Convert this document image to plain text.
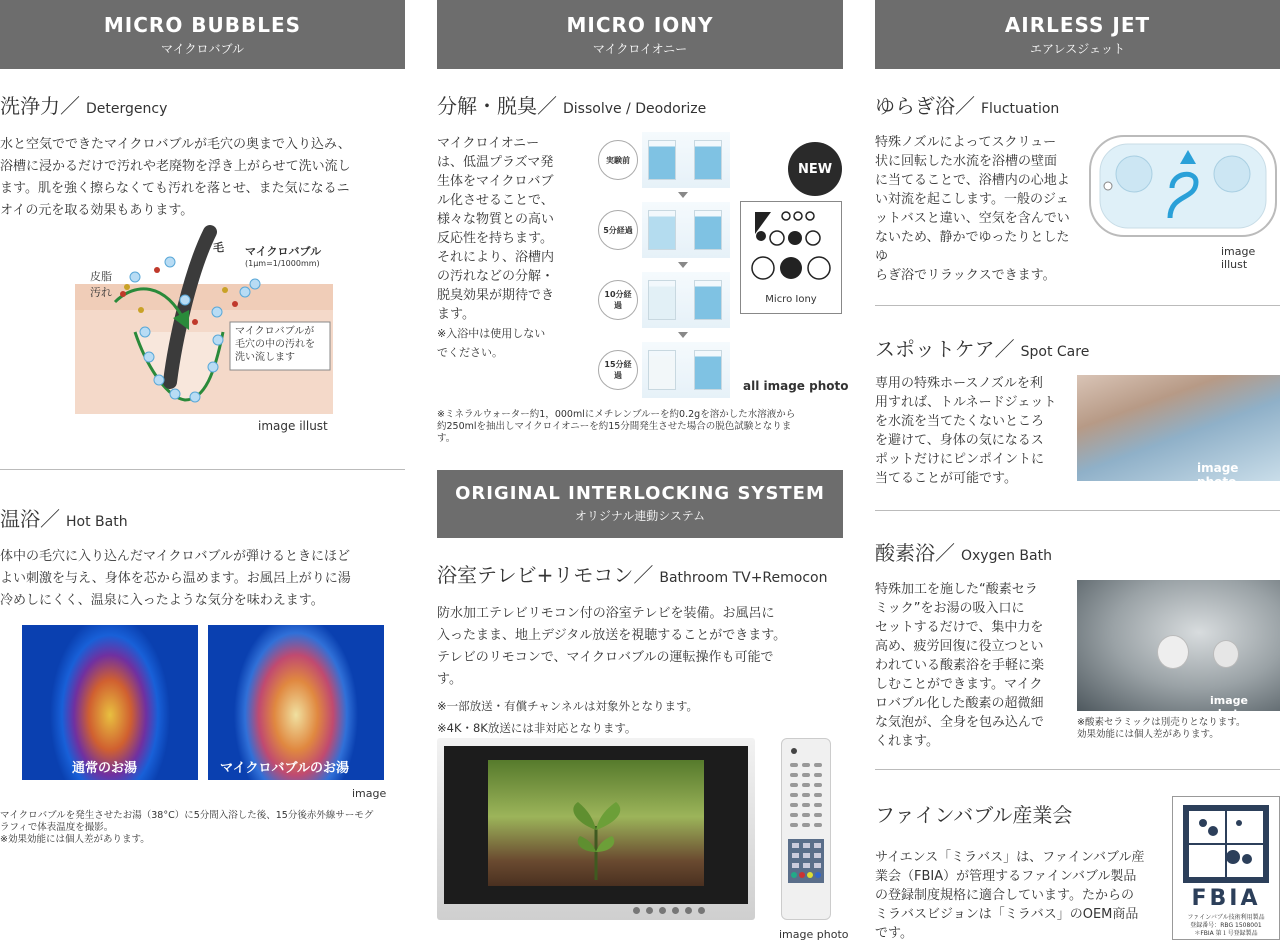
MICRO BUBBLES
マイクロバブル
洗浄力／ Detergency
水と空気でできたマイクロバブルが毛穴の奥まで入り込み、
浴槽に浸かるだけで汚れや老廃物を浮き上がらせて洗い流し
ます。肌を強く擦らなくても汚れを落とせ、また気になるニ
オイの元を取る効果もあります。
毛
皮脂
汚れ
マイクロバブル
(1μm=1/1000mm)
マイクロバブルが
毛穴の中の汚れを
洗い流します
image illust
温浴／ Hot Bath
体中の毛穴に入り込んだマイクロバブルが弾けるときにほど
よい刺激を与え、身体を芯から温めます。お風呂上がりに湯
冷めしにくく、温泉に入ったような気分を味わえます。
通常のお湯	マイクロバブルのお湯
image
マイクロバブルを発生させたお湯（38°C）に5分間入浴した後、15分後赤外線サーモグ
ラフィで体表温度を撮影。
※効果効能には個人差があります。
MICRO IONY
マイクロイオニー
分解・脱臭／ Dissolve / Deodorize
マイクロイオニー
は、低温プラズマ発
生体をマイクロバブ
ル化させることで、
様々な物質との高い
反応性を持ちます。
それにより、浴槽内
の汚れなどの分解・
脱臭効果が期待でき
ます。
※入浴中は使用しない
でください。
実験前
5分経過
10分経過
15分経過
NEW
Micro Iony
all image photo
※ミネラルウォーター約1，000mlにメチレンブルーを約0.2gを溶かした水溶液から
約250mlを抽出しマイクロイオニーを約15分間発生させた場合の脱色試験となりま
す。
ORIGINAL INTERLOCKING SYSTEM
オリジナル連動システム
浴室テレビ+リモコン／ Bathroom TV+Remocon
防水加工テレビリモコン付の浴室テレビを装備。お風呂に
入ったまま、地上デジタル放送を視聴することができます。
テレビのリモコンで、マイクロバブルの運転操作も可能で
す。
※一部放送・有償チャンネルは対象外となります。
※4K・8K放送には非対応となります。
image photo
AIRLESS JET
エアレスジェット
ゆらぎ浴／ Fluctuation
特殊ノズルによってスクリュー
状に回転した水流を浴槽の壁面
に当てることで、浴槽内の心地よ
い対流を起こします。一般のジェ
ットバスと違い、空気を含んでい
ないため、静かでゆったりとしたゆ
らぎ浴でリラックスできます。
image illust
スポットケア／ Spot Care
専用の特殊ホースノズルを利
用すれば、トルネードジェット
を水流を当てたくないところ
を避けて、身体の気になるス
ポットだけにピンポイントに
当てることが可能です。
image photo
酸素浴／ Oxygen Bath
特殊加工を施した“酸素セラ
ミック”をお湯の吸入口に
セットするだけで、集中力を
高め、疲労回復に役立つとい
われている酸素浴を手軽に楽
しむことができます。マイク
ロバブル化した酸素の超微細
な気泡が、全身を包み込んで
くれます。
image photo
※酸素セラミックは別売りとなります。
効果効能には個人差があります。
ファインバブル産業会
サイエンス「ミラバス」は、ファインバブル産
業会（FBIA）が管理するファインバブル製品
の登録制度規格に適合しています。たからの
ミラバスビジョンは「ミラバス」のOEM商品
です。
FBIA
ファインバブル技術利用製品
登録番号：RBG 1508001
＊FBIA 第１号登録製品
